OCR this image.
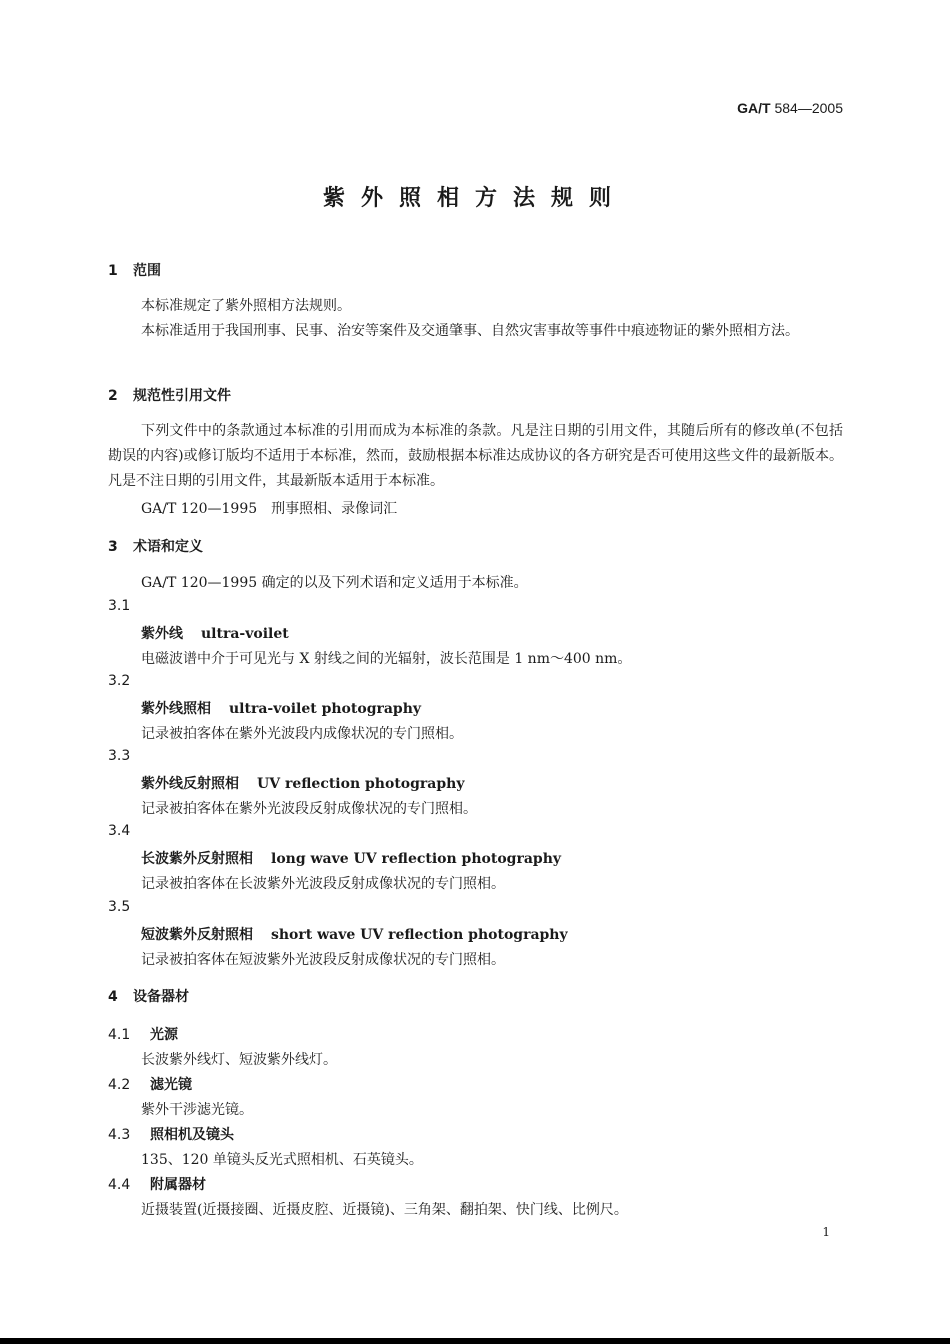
GA/T 584—2005
紫外照相方法规则
1 范围
本标准规定了紫外照相方法规则。
本标准适用于我国刑事、民事、治安等案件及交通肇事、自然灾害事故等事件中痕迹物证的紫外照相方法。
2 规范性引用文件
下列文件中的条款通过本标准的引用而成为本标准的条款。凡是注日期的引用文件，其随后所有的修改单(不包括勘误的内容)或修订版均不适用于本标准，然而，鼓励根据本标准达成协议的各方研究是否可使用这些文件的最新版本。凡是不注日期的引用文件，其最新版本适用于本标准。
GA/T 120—1995　刑事照相、录像词汇
3 术语和定义
GA/T 120—1995 确定的以及下列术语和定义适用于本标准。
3.1
紫外线 ultra-voilet
电磁波谱中介于可见光与 X 射线之间的光辐射，波长范围是 1 nm～400 nm。
3.2
紫外线照相 ultra-voilet photography
记录被拍客体在紫外光波段内成像状况的专门照相。
3.3
紫外线反射照相 UV reflection photography
记录被拍客体在紫外光波段反射成像状况的专门照相。
3.4
长波紫外反射照相 long wave UV reflection photography
记录被拍客体在长波紫外光波段反射成像状况的专门照相。
3.5
短波紫外反射照相 short wave UV reflection photography
记录被拍客体在短波紫外光波段反射成像状况的专门照相。
4 设备器材
4.1 光源
长波紫外线灯、短波紫外线灯。
4.2 滤光镜
紫外干涉滤光镜。
4.3 照相机及镜头
135、120 单镜头反光式照相机、石英镜头。
4.4 附属器材
近摄装置(近摄接圈、近摄皮腔、近摄镜)、三角架、翻拍架、快门线、比例尺。
1
